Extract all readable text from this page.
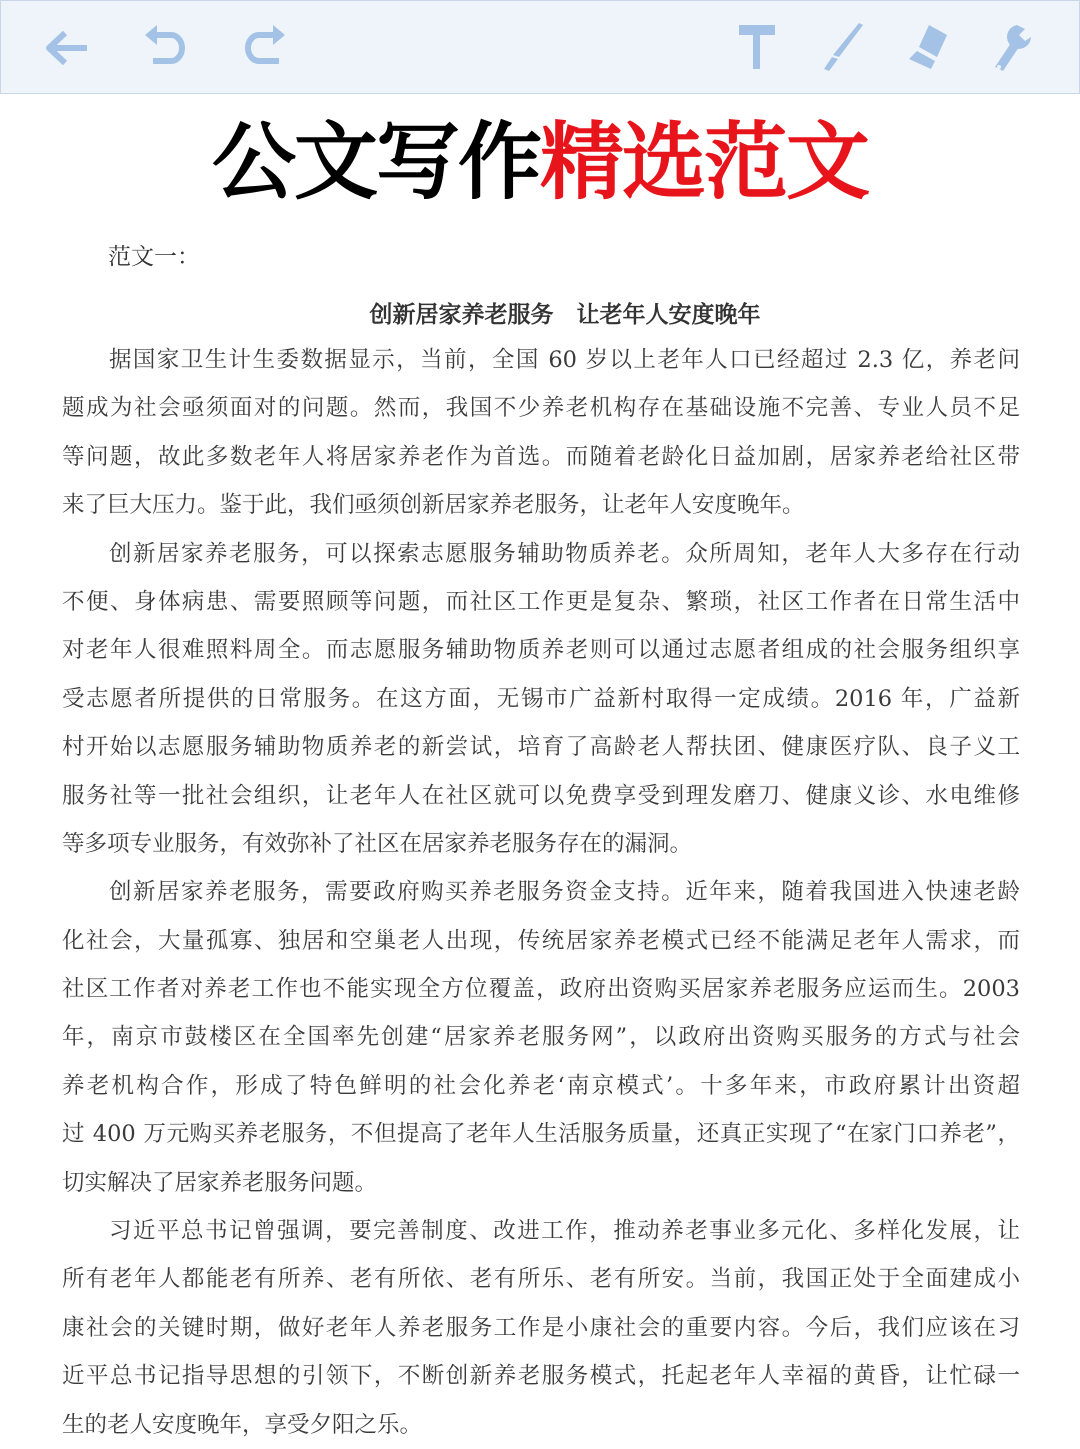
公文写作精选范文
范文一：
创新居家养老服务　让老年人安度晚年
据国家卫生计生委数据显示，当前，全国 60 岁以上老年人口已经超过 2.3 亿，养老问
题成为社会亟须面对的问题。然而，我国不少养老机构存在基础设施不完善、专业人员不足
等问题，故此多数老年人将居家养老作为首选。而随着老龄化日益加剧，居家养老给社区带
来了巨大压力。鉴于此，我们亟须创新居家养老服务，让老年人安度晚年。
创新居家养老服务，可以探索志愿服务辅助物质养老。众所周知，老年人大多存在行动
不便、身体病患、需要照顾等问题，而社区工作更是复杂、繁琐，社区工作者在日常生活中
对老年人很难照料周全。而志愿服务辅助物质养老则可以通过志愿者组成的社会服务组织享
受志愿者所提供的日常服务。在这方面，无锡市广益新村取得一定成绩。2016 年，广益新
村开始以志愿服务辅助物质养老的新尝试，培育了高龄老人帮扶团、健康医疗队、良子义工
服务社等一批社会组织，让老年人在社区就可以免费享受到理发磨刀、健康义诊、水电维修
等多项专业服务，有效弥补了社区在居家养老服务存在的漏洞。
创新居家养老服务，需要政府购买养老服务资金支持。近年来，随着我国进入快速老龄
化社会，大量孤寡、独居和空巢老人出现，传统居家养老模式已经不能满足老年人需求，而
社区工作者对养老工作也不能实现全方位覆盖，政府出资购买居家养老服务应运而生。2003
年，南京市鼓楼区在全国率先创建“居家养老服务网”，以政府出资购买服务的方式与社会
养老机构合作，形成了特色鲜明的社会化养老‘南京模式’。十多年来，市政府累计出资超
过 400 万元购买养老服务，不但提高了老年人生活服务质量，还真正实现了“在家门口养老”，
切实解决了居家养老服务问题。
习近平总书记曾强调，要完善制度、改进工作，推动养老事业多元化、多样化发展，让
所有老年人都能老有所养、老有所依、老有所乐、老有所安。当前，我国正处于全面建成小
康社会的关键时期，做好老年人养老服务工作是小康社会的重要内容。今后，我们应该在习
近平总书记指导思想的引领下，不断创新养老服务模式，托起老年人幸福的黄昏，让忙碌一
生的老人安度晚年，享受夕阳之乐。
